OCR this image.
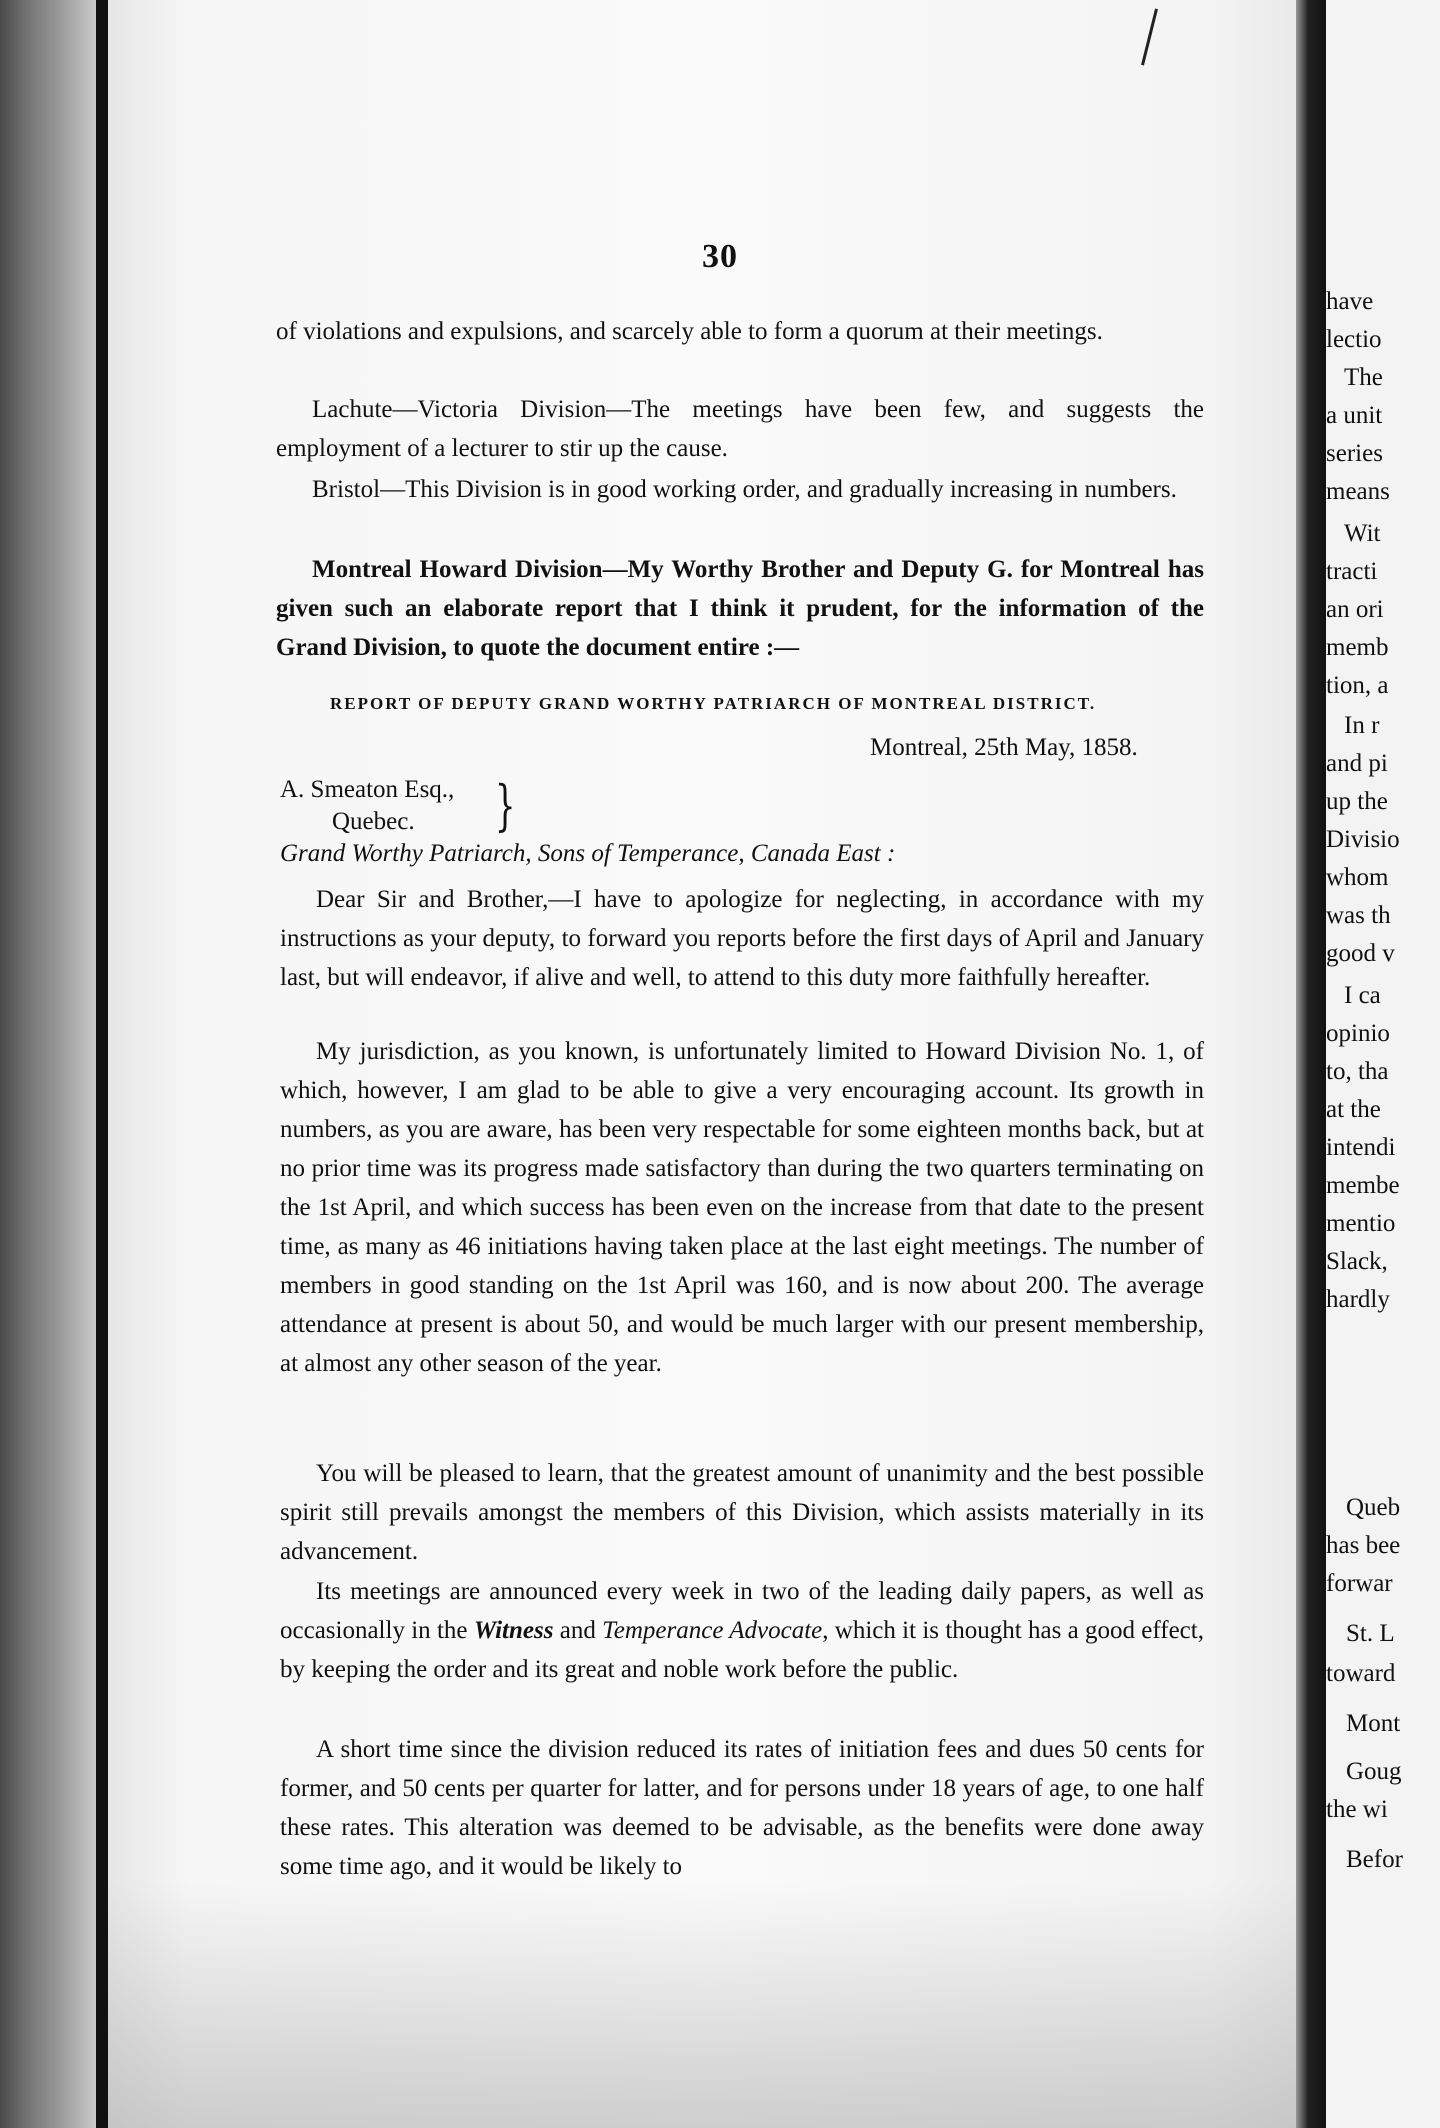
have
lectio
The
a unit
series
means
Wit
tracti
an ori
memb
tion, a
In r
and pi
up the
Divisio
whom
was th
good v
I ca
opinio
to, tha
at the
intendi
membe
mentio
Slack,
hardly
Queb
has bee
forwar
St. L
toward
Mont
Goug
the wi
Befor
30

of violations and expulsions, and scarcely able to form a quorum at their meetings.

Lachute—Victoria Division—The meetings have been few, and suggests the employment of a lecturer to stir up the cause.

Bristol—This Division is in good working order, and gradually increasing in numbers.

Montreal Howard Division—My Worthy Brother and Deputy G. for Montreal has given such an elaborate report that I think it prudent, for the information of the Grand Division, to quote the document entire :—

REPORT OF DEPUTY GRAND WORTHY PATRIARCH OF MONTREAL DISTRICT.

Montreal, 25th May, 1858.
A. Smeaton Esq.,
Quebec.	}
Grand Worthy Patriarch, Sons of Temperance, Canada East :

Dear Sir and Brother,—I have to apologize for neglecting, in accordance with my instructions as your deputy, to forward you reports before the first days of April and January last, but will endeavor, if alive and well, to attend to this duty more faithfully hereafter.

My jurisdiction, as you known, is unfortunately limited to Howard Division No. 1, of which, however, I am glad to be able to give a very encouraging account. Its growth in numbers, as you are aware, has been very respectable for some eighteen months back, but at no prior time was its progress made satisfactory than during the two quarters terminating on the 1st April, and which success has been even on the increase from that date to the present time, as many as 46 initiations having taken place at the last eight meetings. The number of members in good standing on the 1st April was 160, and is now about 200. The average attendance at present is about 50, and would be much larger with our present membership, at almost any other season of the year.

You will be pleased to learn, that the greatest amount of unanimity and the best possible spirit still prevails amongst the members of this Division, which assists materially in its advancement.

Its meetings are announced every week in two of the leading daily papers, as well as occasionally in the Witness and Temperance Advocate, which it is thought has a good effect, by keeping the order and its great and noble work before the public.

A short time since the division reduced its rates of initiation fees and dues 50 cents for former, and 50 cents per quarter for latter, and for persons under 18 years of age, to one half these rates. This alteration was deemed to be advisable, as the benefits were done away some time ago, and it would be likely to
